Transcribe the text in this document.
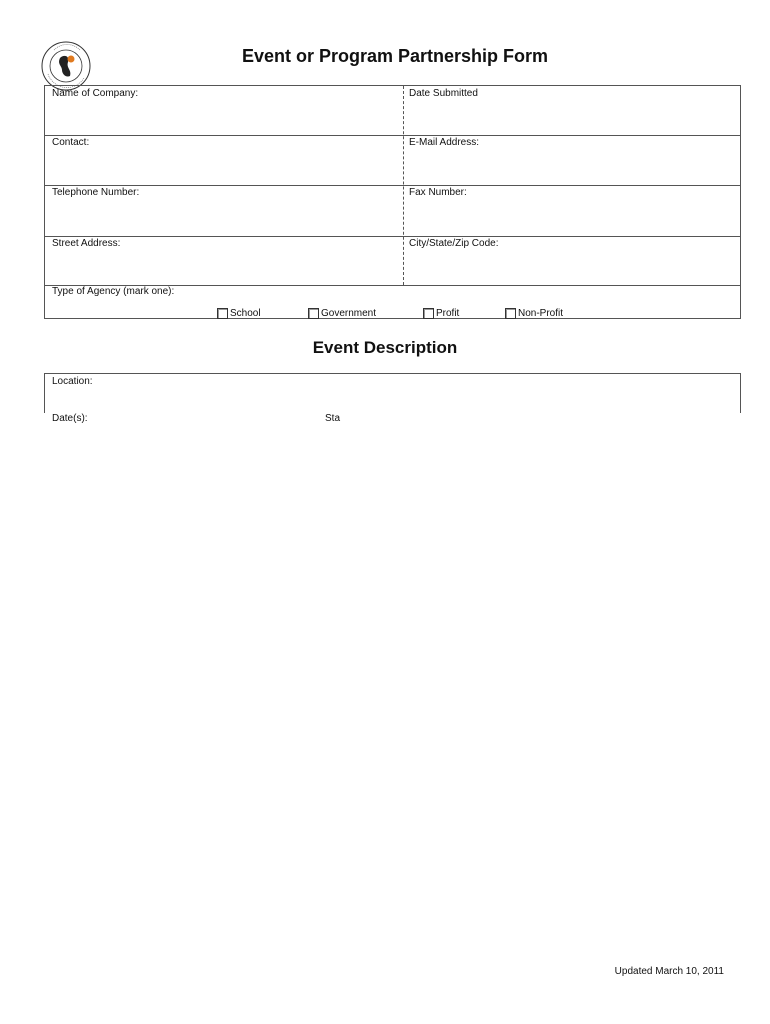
Event or Program Partnership Form
Name of Company:	Date Submitted
Contact:	E-Mail Address:
Telephone Number:	Fax Number:
Street Address:	City/State/Zip Code:
Type of Agency (mark one):
School	Government	Profit	Non-Profit
Event Description
Location:
Date(s):	Sta
Updated March 10, 2011
